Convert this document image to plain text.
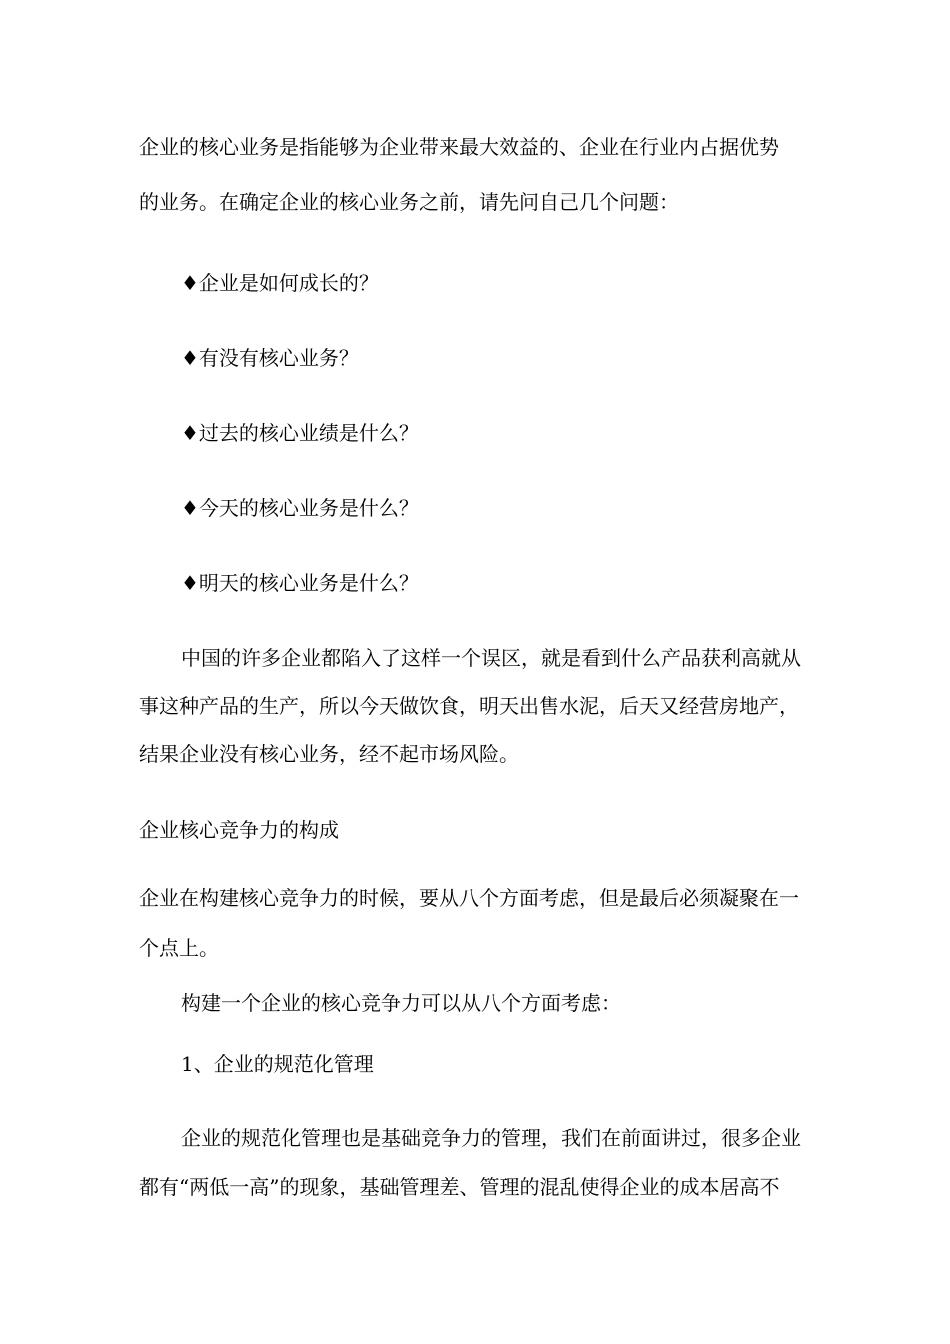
企业的核心业务是指能够为企业带来最大效益的、企业在行业内占据优势
的业务。在确定企业的核心业务之前，请先问自己几个问题：
♦企业是如何成长的？
♦有没有核心业务？
♦过去的核心业绩是什么？
♦今天的核心业务是什么？
♦明天的核心业务是什么？
中国的许多企业都陷入了这样一个误区，就是看到什么产品获利高就从
事这种产品的生产，所以今天做饮食，明天出售水泥，后天又经营房地产，
结果企业没有核心业务，经不起市场风险。
企业核心竞争力的构成
企业在构建核心竞争力的时候，要从八个方面考虑，但是最后必须凝聚在一
个点上。
构建一个企业的核心竞争力可以从八个方面考虑：
1、企业的规范化管理
企业的规范化管理也是基础竞争力的管理，我们在前面讲过，很多企业
都有“两低一高”的现象，基础管理差、管理的混乱使得企业的成本居高不
